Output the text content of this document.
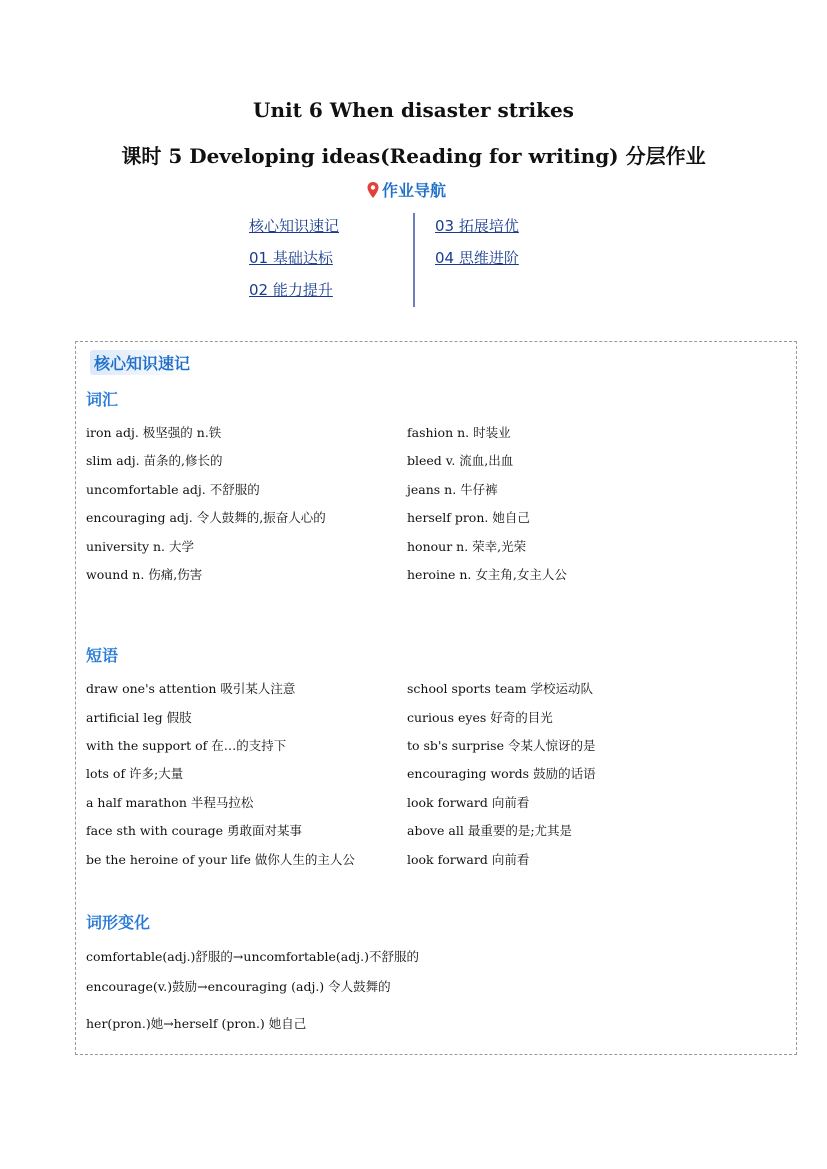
Unit 6 When disaster strikes
课时 5 Developing ideas(Reading for writing) 分层作业
作业导航
核心知识速记
01 基础达标
02 能力提升
03 拓展培优
04 思维进阶
核心知识速记
词汇
iron adj. 极坚强的 n.铁
slim adj. 苗条的,修长的
uncomfortable adj. 不舒服的
encouraging adj. 令人鼓舞的,振奋人心的
university n. 大学
wound n. 伤痛,伤害
fashion n. 时装业
bleed v. 流血,出血
jeans n. 牛仔裤
herself pron. 她自己
honour n. 荣幸,光荣
heroine n. 女主角,女主人公
短语
draw one's attention 吸引某人注意
artificial leg 假肢
with the support of 在…的支持下
lots of 许多;大量
a half marathon 半程马拉松
face sth with courage 勇敢面对某事
be the heroine of your life 做你人生的主人公
school sports team 学校运动队
curious eyes 好奇的目光
to sb's surprise 令某人惊讶的是
encouraging words 鼓励的话语
look forward 向前看
above all 最重要的是;尤其是
look forward 向前看
词形变化
comfortable(adj.)舒服的→uncomfortable(adj.)不舒服的
encourage(v.)鼓励→encouraging (adj.) 令人鼓舞的
her(pron.)她→herself (pron.) 她自己
